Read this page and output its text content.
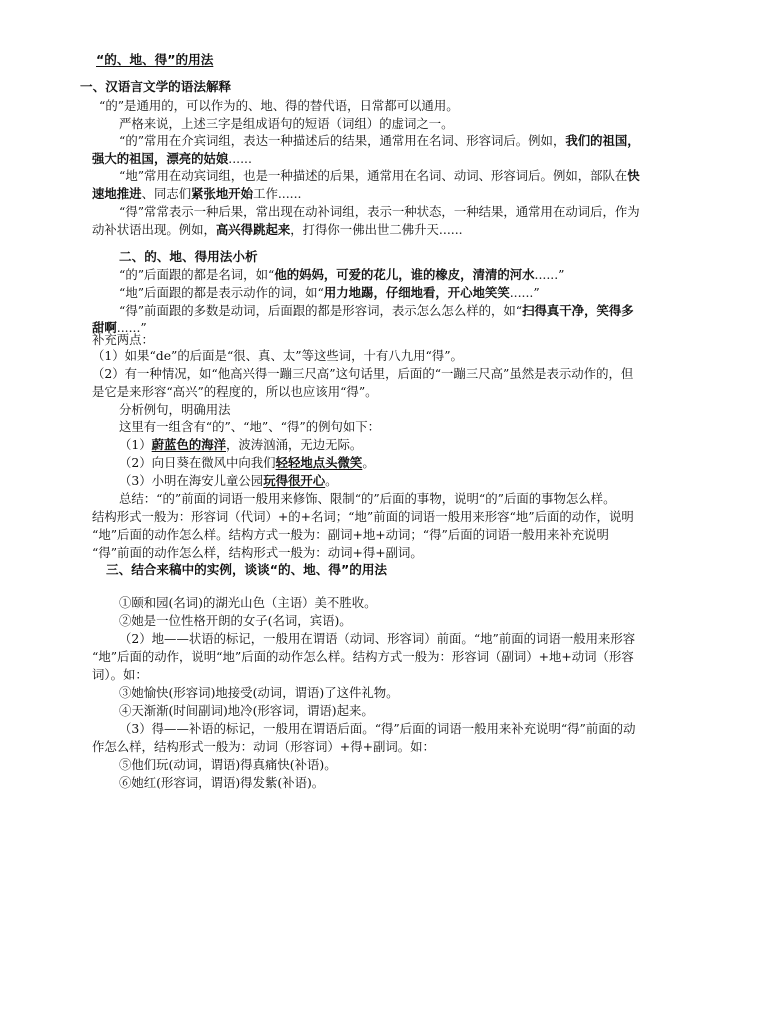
“的、地、得”的用法
一、汉语言文学的语法解释
“的”是通用的，可以作为的、地、得的替代语，日常都可以通用。
严格来说，上述三字是组成语句的短语（词组）的虚词之一。
“的”常用在介宾词组，表达一种描述后的结果，通常用在名词、形容词后。例如，我们的祖国，
强大的祖国，漂亮的姑娘......
“地”常用在动宾词组，也是一种描述的后果，通常用在名词、动词、形容词后。例如，部队在快
速地推进、同志们紧张地开始工作......
“得”常常表示一种后果，常出现在动补词组，表示一种状态，一种结果，通常用在动词后，作为
动补状语出现。例如，高兴得跳起来，打得你一佛出世二佛升天......
二、的、地、得用法小析
“的”后面跟的都是名词，如“他的妈妈，可爱的花儿，谁的橡皮，清清的河水......”
“地”后面跟的都是表示动作的词，如“用力地踢，仔细地看，开心地笑笑......”
“得”前面跟的多数是动词，后面跟的都是形容词，表示怎么怎么样的，如“扫得真干净，笑得多
甜啊......”
补充两点：
（1）如果“de”的后面是“很、真、太”等这些词，十有八九用“得”。
（2）有一种情况，如“他高兴得一蹦三尺高”这句话里，后面的“一蹦三尺高”虽然是表示动作的，但
是它是来形容“高兴”的程度的，所以也应该用“得”。
分析例句，明确用法
这里有一组含有“的”、“地”、“得”的例句如下：
（1）蔚蓝色的海洋，波涛汹涌，无边无际。
（2）向日葵在微风中向我们轻轻地点头微笑。
（3）小明在海安儿童公园玩得很开心。
总结：“的”前面的词语一般用来修饰、限制“的”后面的事物，说明“的”后面的事物怎么样。
结构形式一般为：形容词（代词）+的+名词；“地”前面的词语一般用来形容“地”后面的动作，说明
“地”后面的动作怎么样。结构方式一般为：副词+地+动词；“得”后面的词语一般用来补充说明
“得”前面的动作怎么样，结构形式一般为：动词+得+副词。
三、结合来稿中的实例，谈谈“的、地、得”的用法
①颐和园(名词)的湖光山色（主语）美不胜收。
②她是一位性格开朗的女子(名词，宾语)。
（2）地——状语的标记，一般用在谓语（动词、形容词）前面。“地”前面的词语一般用来形容
“地”后面的动作，说明“地”后面的动作怎么样。结构方式一般为：形容词（副词）+地+动词（形容
词）。如：
③她愉快(形容词)地接受(动词，谓语)了这件礼物。
④天渐渐(时间副词)地冷(形容词，谓语)起来。
（3）得——补语的标记，一般用在谓语后面。“得”后面的词语一般用来补充说明“得”前面的动
作怎么样，结构形式一般为：动词（形容词）+得+副词。如：
⑤他们玩(动词，谓语)得真痛快(补语)。
⑥她红(形容词，谓语)得发紫(补语)。
